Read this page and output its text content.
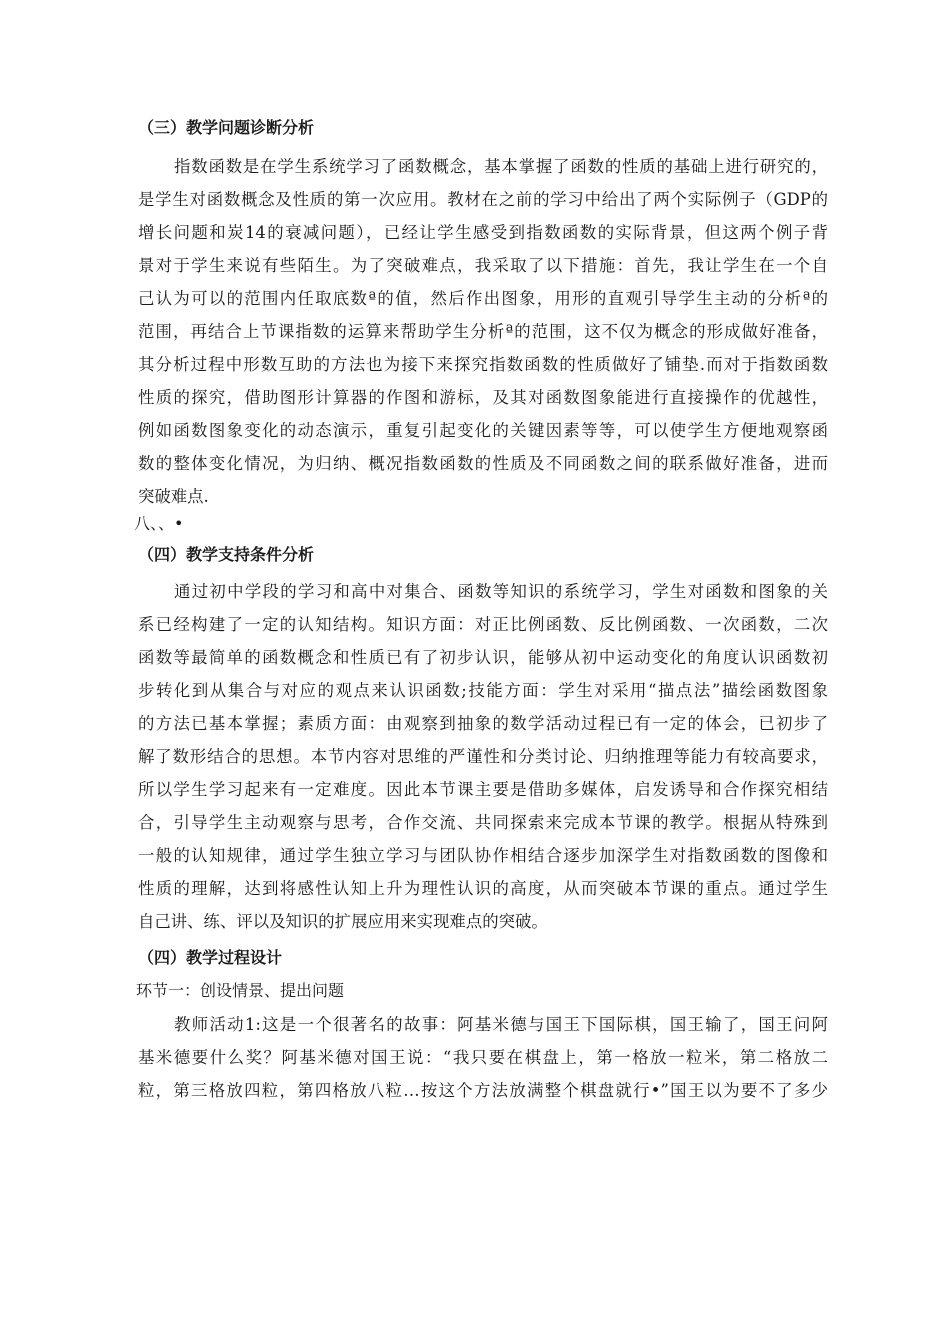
（三）教学问题诊断分析
指数函数是在学生系统学习了函数概念，基本掌握了函数的性质的基础上进行研究的，
是学生对函数概念及性质的第一次应用。教材在之前的学习中给出了两个实际例子（GDP的
增长问题和炭14的衰减问题），已经让学生感受到指数函数的实际背景，但这两个例子背
景对于学生来说有些陌生。为了突破难点，我采取了以下措施：首先，我让学生在一个自
己认为可以的范围内任取底数ª的值，然后作出图象，用形的直观引导学生主动的分析ª的
范围，再结合上节课指数的运算来帮助学生分析ª的范围，这不仅为概念的形成做好准备，
其分析过程中形数互助的方法也为接下来探究指数函数的性质做好了铺垫.而对于指数函数
性质的探究，借助图形计算器的作图和游标，及其对函数图象能进行直接操作的优越性，
例如函数图象变化的动态演示，重复引起变化的关键因素等等，可以使学生方便地观察函
数的整体变化情况，为归纳、概况指数函数的性质及不同函数之间的联系做好准备，进而
突破难点.
八、、•
（四）教学支持条件分析
通过初中学段的学习和高中对集合、函数等知识的系统学习，学生对函数和图象的关
系已经构建了一定的认知结构。知识方面：对正比例函数、反比例函数、一次函数，二次
函数等最简单的函数概念和性质已有了初步认识，能够从初中运动变化的角度认识函数初
步转化到从集合与对应的观点来认识函数;技能方面：学生对采用“描点法”描绘函数图象
的方法已基本掌握；素质方面：由观察到抽象的数学活动过程已有一定的体会，已初步了
解了数形结合的思想。本节内容对思维的严谨性和分类讨论、归纳推理等能力有较高要求，
所以学生学习起来有一定难度。因此本节课主要是借助多媒体，启发诱导和合作探究相结
合，引导学生主动观察与思考，合作交流、共同探索来完成本节课的教学。根据从特殊到
一般的认知规律，通过学生独立学习与团队协作相结合逐步加深学生对指数函数的图像和
性质的理解，达到将感性认知上升为理性认识的高度，从而突破本节课的重点。通过学生
自己讲、练、评以及知识的扩展应用来实现难点的突破。
（四）教学过程设计
环节一：创设情景、提出问题
教师活动1:这是一个很著名的故事：阿基米德与国王下国际棋，国王输了，国王问阿
基米德要什么奖？阿基米德对国王说：“我只要在棋盘上，第一格放一粒米，第二格放二
粒，第三格放四粒，第四格放八粒…按这个方法放满整个棋盘就行•”国王以为要不了多少
